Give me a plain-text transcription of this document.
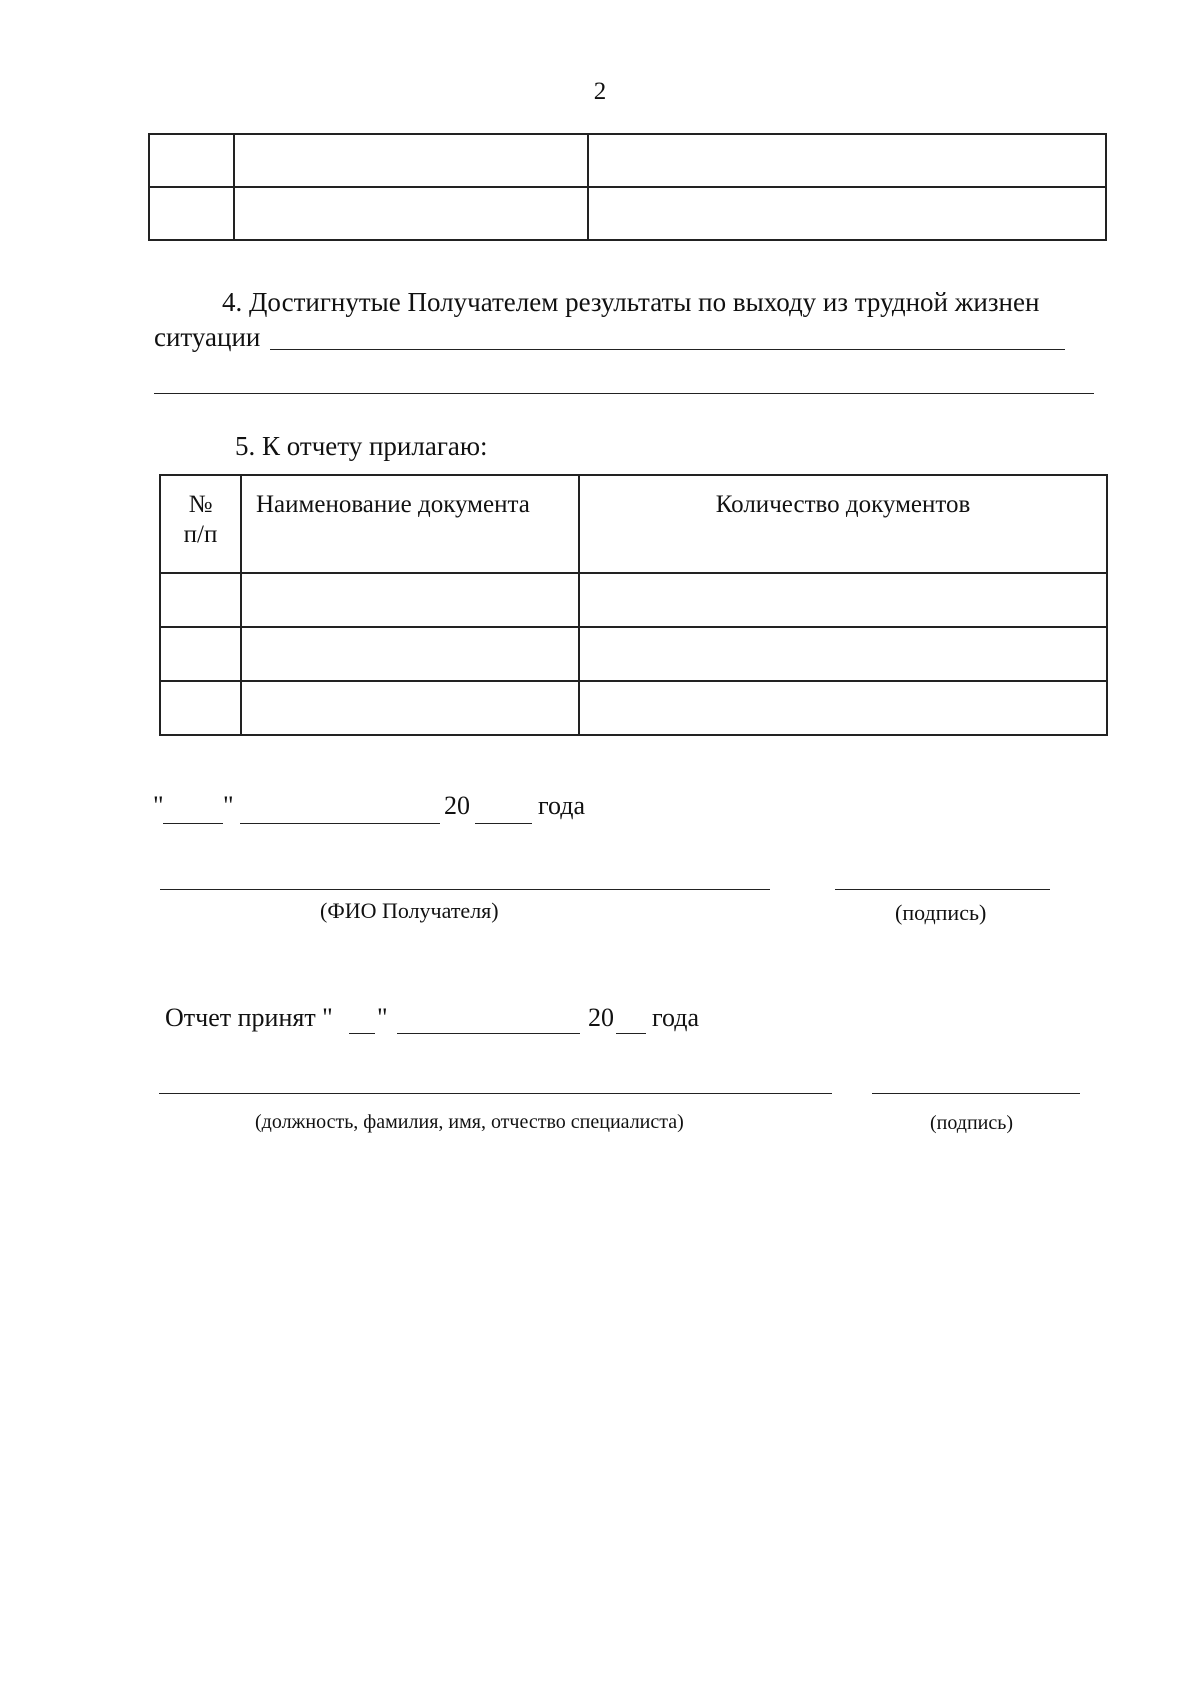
2

4. Достигнутые Получателем результаты по выходу из трудной жизнен
ситуации
5. К отчету прилагаю:
№
п/п	Наименование документа	Количество документов

" "	20	года
(ФИО Получателя)	(подпись)
Отчет принят " "	20 года
(должность, фамилия, имя, отчество специалиста)	(подпись)
